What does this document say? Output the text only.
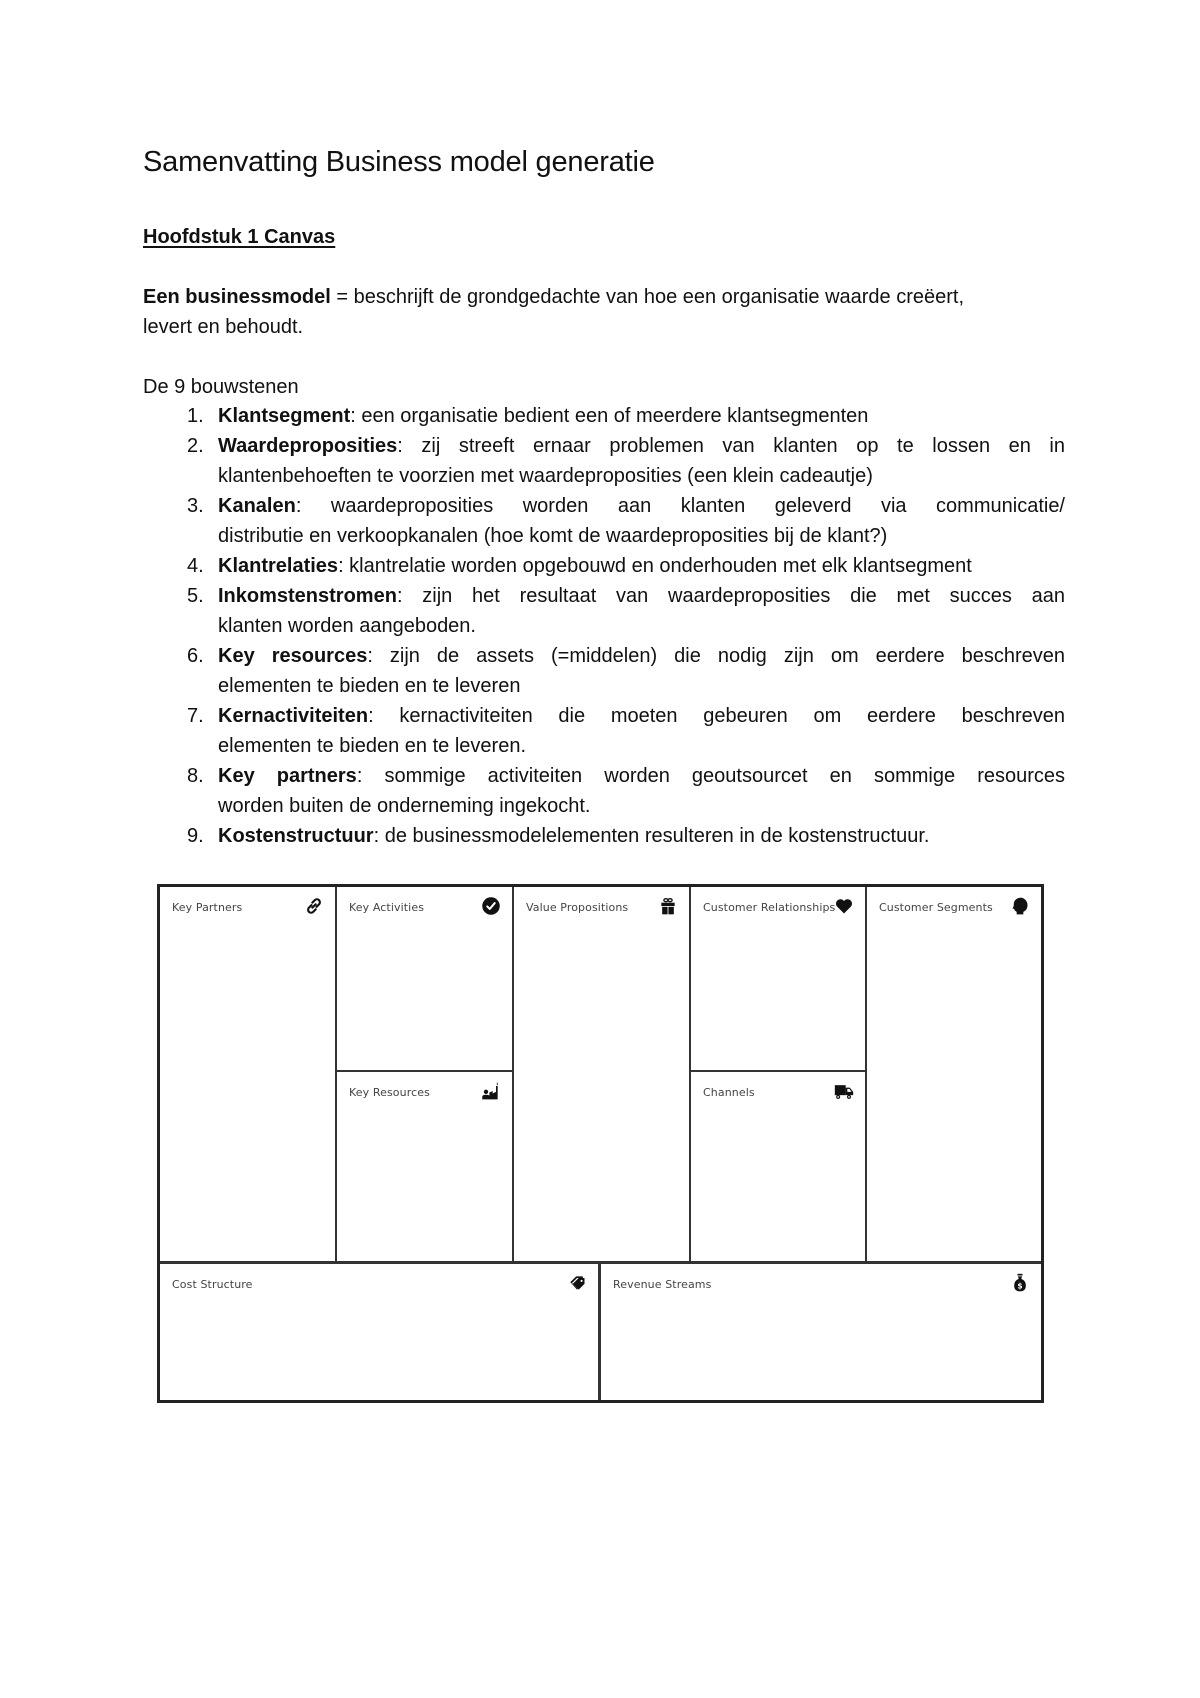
Samenvatting Business model generatie
Hoofdstuk 1 Canvas
Een businessmodel = beschrijft de grondgedachte van hoe een organisatie waarde creëert,
levert en behoudt.
De 9 bouwstenen
1. Klantsegment: een organisatie bedient een of meerdere klantsegmenten
2. Waardeproposities: zij streeft ernaar problemen van klanten op te lossen en in
klantenbehoeften te voorzien met waardeproposities (een klein cadeautje)
3. Kanalen: waardeproposities worden aan klanten geleverd via communicatie/
distributie en verkoopkanalen (hoe komt de waardeproposities bij de klant?)
4. Klantrelaties: klantrelatie worden opgebouwd en onderhouden met elk klantsegment
5. Inkomstenstromen: zijn het resultaat van waardeproposities die met succes aan
klanten worden aangeboden.
6. Key resources: zijn de assets (=middelen) die nodig zijn om eerdere beschreven
elementen te bieden en te leveren
7. Kernactiviteiten: kernactiviteiten die moeten gebeuren om eerdere beschreven
elementen te bieden en te leveren.
8. Key partners: sommige activiteiten worden geoutsourcet en sommige resources
worden buiten de onderneming ingekocht.
9. Kostenstructuur: de businessmodelelementen resulteren in de kostenstructuur.
Key Partners	Key Activities
Key Resources
Value Propositions	Customer Relationships
Channels
Customer Segments
Cost Structure	Revenue Streams	$
